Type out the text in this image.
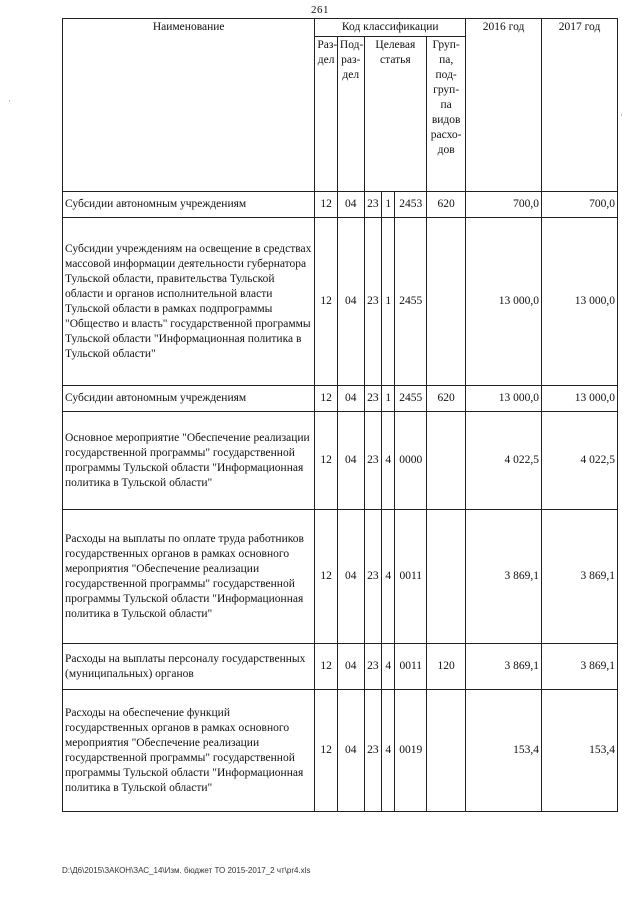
261
Наименование	Код классификации						2016 год	2017 год
	Раз-дел	Под-раз-дел	Целевая статья			Груп-па, под-груп-па видов расхо-дов		
Субсидии автономным учреждениям	12	04	23	1	2453	620	700,0	700,0
Субсидии учреждениям на освещение в средствах массовой информации деятельности губернатора Тульской области, правительства Тульской области и органов исполнительной власти Тульской области в рамках подпрограммы "Общество и власть" государственной программы Тульской области "Информационная политика в Тульской области"	12	04	23	1	2455		13 000,0	13 000,0
Субсидии автономным учреждениям	12	04	23	1	2455	620	13 000,0	13 000,0
Основное мероприятие "Обеспечение реализации государственной программы" государственной программы Тульской области "Информационная политика в Тульской области"	12	04	23	4	0000		4 022,5	4 022,5
Расходы на выплаты по оплате труда работников государственных органов в рамках основного мероприятия "Обеспечение реализации государственной программы" государственной программы Тульской области "Информационная политика в Тульской области"	12	04	23	4	0011		3 869,1	3 869,1
Расходы на выплаты персоналу государственных (муниципальных) органов	12	04	23	4	0011	120	3 869,1	3 869,1
Расходы на обеспечение функций государственных органов в рамках основного мероприятия "Обеспечение реализации государственной программы" государственной программы Тульской области "Информационная политика в Тульской области"	12	04	23	4	0019		153,4	153,4
D:\Д6\2015\ЗАКОН\ЗАС_14\Изм. бюджет ТО 2015-2017_2 чт\pr4.xls
·
·
